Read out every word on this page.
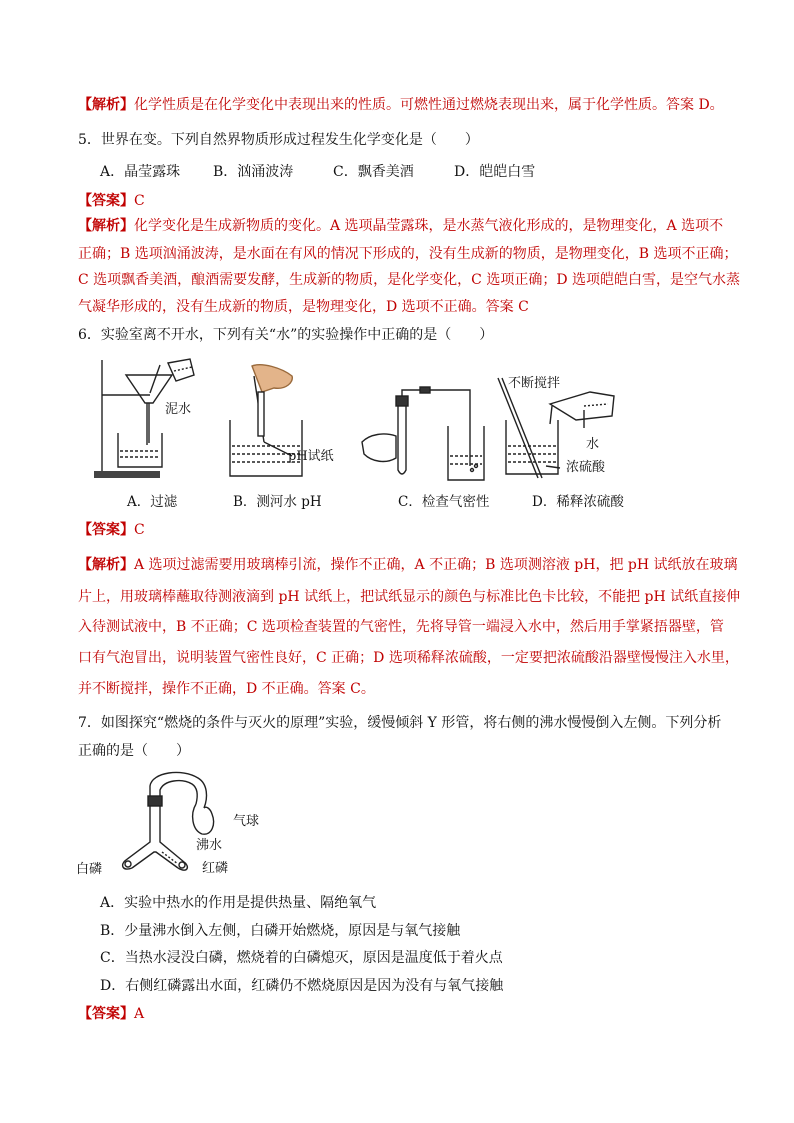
【解析】化学性质是在化学变化中表现出来的性质。可燃性通过燃烧表现出来，属于化学性质。答案 D。
5．世界在变。下列自然界物质形成过程发生化学变化是（　　）
A．晶莹露珠 B．汹涌波涛	C．飘香美酒	D．皑皑白雪
【答案】C
【解析】化学变化是生成新物质的变化。A 选项晶莹露珠，是水蒸气液化形成的，是物理变化，A 选项不
正确；B 选项汹涌波涛，是水面在有风的情况下形成的，没有生成新的物质，是物理变化，B 选项不正确；
C 选项飘香美酒，酿酒需要发酵，生成新的物质，是化学变化，C 选项正确；D 选项皑皑白雪，是空气水蒸
气凝华形成的，没有生成新的物质，是物理变化，D 选项不正确。答案 C
6．实验室离不开水，下列有关“水”的实验操作中正确的是（　　）
泥水
pH试纸
不断搅拌
水
浓硫酸
A．过滤	B．测河水 pH	C．检查气密性	D．稀释浓硫酸
【答案】C
【解析】A 选项过滤需要用玻璃棒引流，操作不正确，A 不正确；B 选项测溶液 pH，把 pH 试纸放在玻璃
片上，用玻璃棒蘸取待测液滴到 pH 试纸上，把试纸显示的颜色与标准比色卡比较，不能把 pH 试纸直接伸
入待测试液中，B 不正确；C 选项检查装置的气密性，先将导管一端浸入水中，然后用手掌紧捂器壁，管
口有气泡冒出，说明装置气密性良好，C 正确；D 选项稀释浓硫酸，一定要把浓硫酸沿器壁慢慢注入水里，
并不断搅拌，操作不正确，D 不正确。答案 C。
7．如图探究“燃烧的条件与灭火的原理”实验，缓慢倾斜 Y 形管，将右侧的沸水慢慢倒入左侧。下列分析
正确的是（　　）
气球
沸水
白磷	红磷
A．实验中热水的作用是提供热量、隔绝氧气
B．少量沸水倒入左侧，白磷开始燃烧，原因是与氧气接触
C．当热水浸没白磷，燃烧着的白磷熄灭，原因是温度低于着火点
D．右侧红磷露出水面，红磷仍不燃烧原因是因为没有与氧气接触
【答案】A
